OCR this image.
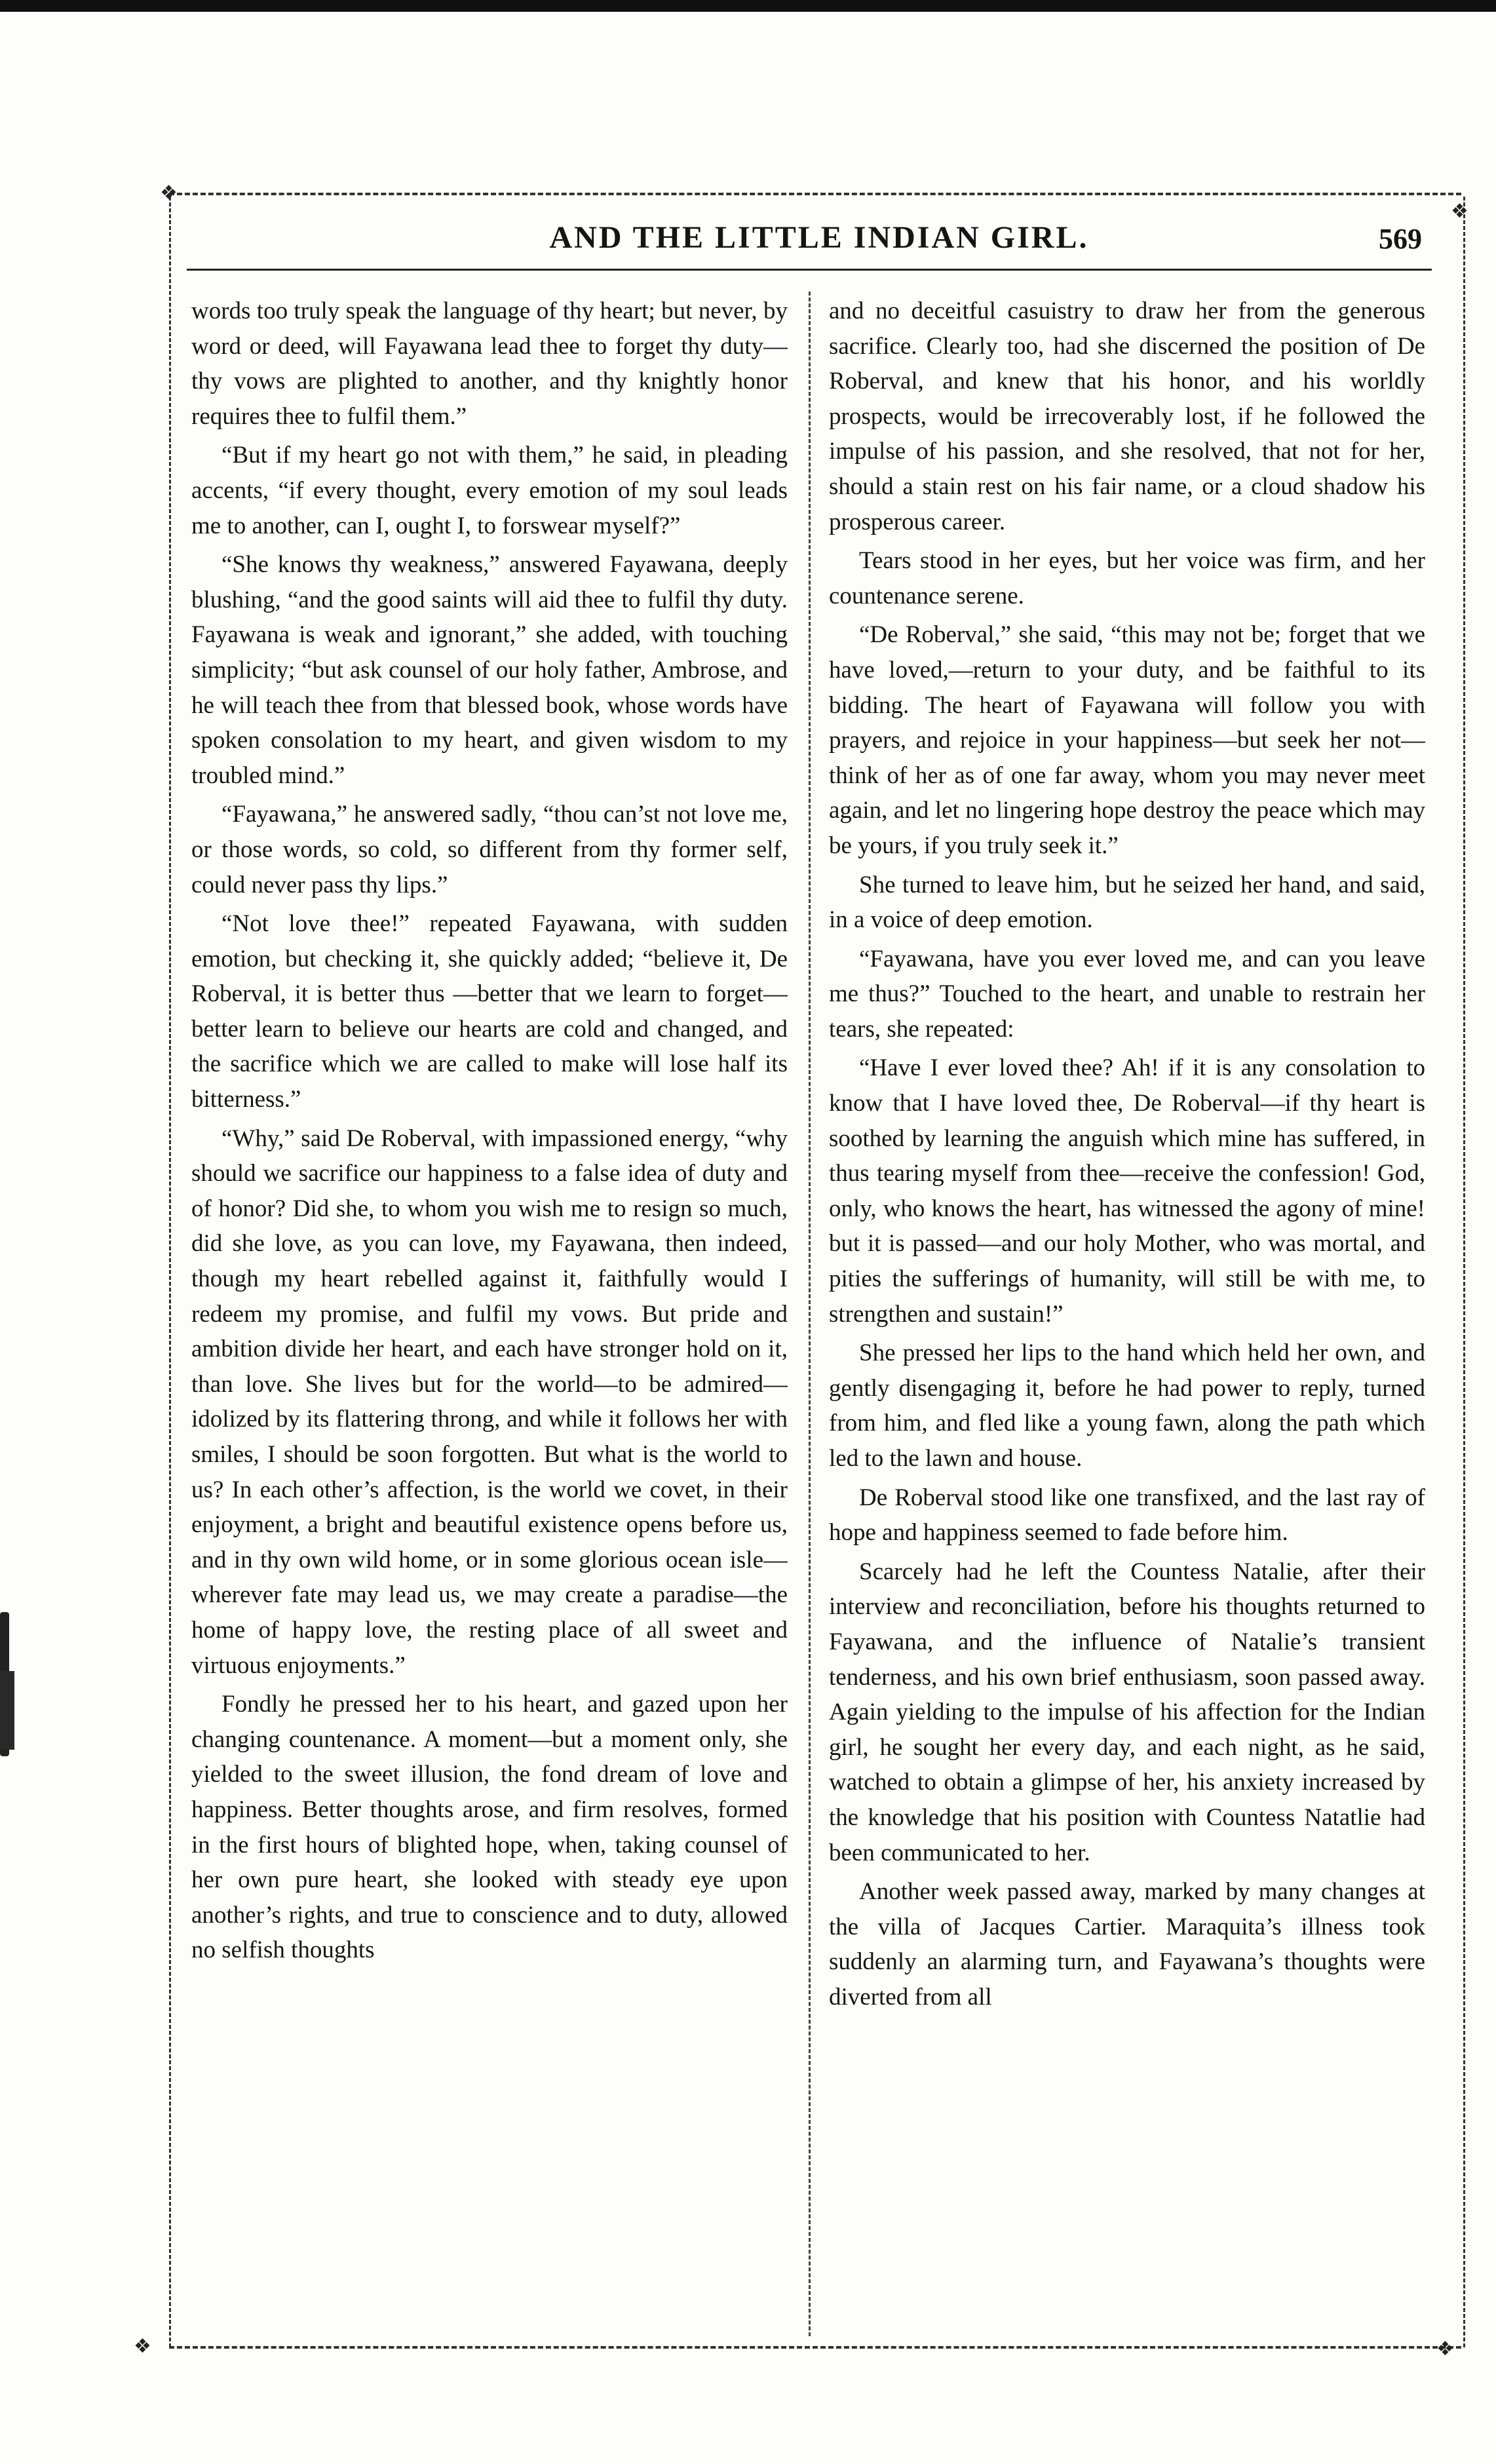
❖
❖
❖	❖
AND THE LITTLE INDIAN GIRL.	569

words too truly speak the language of thy heart; but never, by word or deed, will Fayawana lead thee to forget thy duty—thy vows are plighted to another, and thy knightly honor requires thee to fulfil them.”

“But if my heart go not with them,” he said, in pleading accents, “if every thought, every emotion of my soul leads me to another, can I, ought I, to forswear myself?”

“She knows thy weakness,” answered Fayawana, deeply blushing, “and the good saints will aid thee to fulfil thy duty. Fayawana is weak and ignorant,” she added, with touching simplicity; “but ask counsel of our holy father, Ambrose, and he will teach thee from that blessed book, whose words have spoken consolation to my heart, and given wisdom to my troubled mind.”

“Fayawana,” he answered sadly, “thou can’st not love me, or those words, so cold, so different from thy former self, could never pass thy lips.”

“Not love thee!” repeated Fayawana, with sudden emotion, but checking it, she quickly added; “believe it, De Roberval, it is better thus —better that we learn to forget—better learn to believe our hearts are cold and changed, and the sacrifice which we are called to make will lose half its bitterness.”

“Why,” said De Roberval, with impassioned energy, “why should we sacrifice our happiness to a false idea of duty and of honor? Did she, to whom you wish me to resign so much, did she love, as you can love, my Fayawana, then indeed, though my heart rebelled against it, faithfully would I redeem my promise, and fulfil my vows. But pride and ambition divide her heart, and each have stronger hold on it, than love. She lives but for the world—to be admired—idolized by its flattering throng, and while it follows her with smiles, I should be soon forgotten. But what is the world to us? In each other’s affection, is the world we covet, in their enjoyment, a bright and beautiful existence opens before us, and in thy own wild home, or in some glorious ocean isle—wherever fate may lead us, we may create a paradise—the home of happy love, the resting place of all sweet and virtuous enjoyments.”

Fondly he pressed her to his heart, and gazed upon her changing countenance. A moment—but a moment only, she yielded to the sweet illusion, the fond dream of love and happiness. Better thoughts arose, and firm resolves, formed in the first hours of blighted hope, when, taking counsel of her own pure heart, she looked with steady eye upon another’s rights, and true to conscience and to duty, allowed no selfish thoughts

and no deceitful casuistry to draw her from the generous sacrifice. Clearly too, had she discerned the position of De Roberval, and knew that his honor, and his worldly prospects, would be irrecoverably lost, if he followed the impulse of his passion, and she resolved, that not for her, should a stain rest on his fair name, or a cloud shadow his prosperous career.

Tears stood in her eyes, but her voice was firm, and her countenance serene.

“De Roberval,” she said, “this may not be; forget that we have loved,—return to your duty, and be faithful to its bidding. The heart of Fayawana will follow you with prayers, and rejoice in your happiness—but seek her not—think of her as of one far away, whom you may never meet again, and let no lingering hope destroy the peace which may be yours, if you truly seek it.”

She turned to leave him, but he seized her hand, and said, in a voice of deep emotion.

“Fayawana, have you ever loved me, and can you leave me thus?” Touched to the heart, and unable to restrain her tears, she repeated:

“Have I ever loved thee? Ah! if it is any consolation to know that I have loved thee, De Roberval—if thy heart is soothed by learning the anguish which mine has suffered, in thus tearing myself from thee—receive the confession! God, only, who knows the heart, has witnessed the agony of mine! but it is passed—and our holy Mother, who was mortal, and pities the sufferings of humanity, will still be with me, to strengthen and sustain!”

She pressed her lips to the hand which held her own, and gently disengaging it, before he had power to reply, turned from him, and fled like a young fawn, along the path which led to the lawn and house.

De Roberval stood like one transfixed, and the last ray of hope and happiness seemed to fade before him.

Scarcely had he left the Countess Natalie, after their interview and reconciliation, before his thoughts returned to Fayawana, and the influence of Natalie’s transient tenderness, and his own brief enthusiasm, soon passed away. Again yielding to the impulse of his affection for the Indian girl, he sought her every day, and each night, as he said, watched to obtain a glimpse of her, his anxiety increased by the knowledge that his position with Countess Natatlie had been communicated to her.

Another week passed away, marked by many changes at the villa of Jacques Cartier. Maraquita’s illness took suddenly an alarming turn, and Fayawana’s thoughts were diverted from all
